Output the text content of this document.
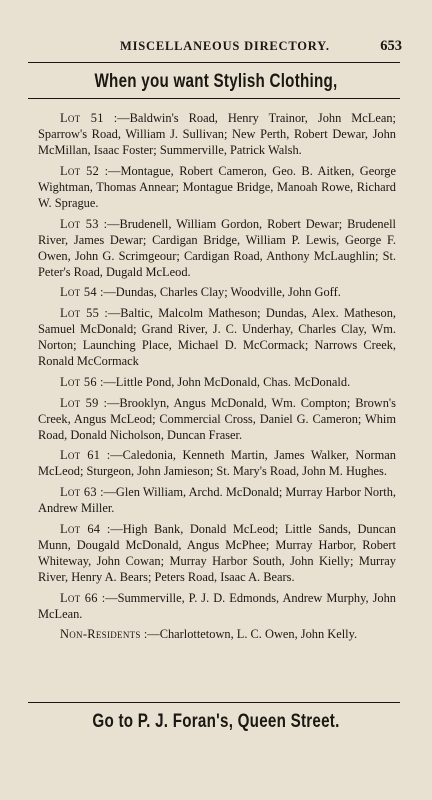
MISCELLANEOUS DIRECTORY.	653
When you want Stylish Clothing,

Lot 51 :—Baldwin's Road, Henry Trainor, John McLean; Sparrow's Road, William J. Sullivan; New Perth, Robert Dewar, John McMillan, Isaac Foster; Summerville, Patrick Walsh.

Lot 52 :—Montague, Robert Cameron, Geo. B. Aitken, George Wightman, Thomas Annear; Montague Bridge, Manoah Rowe, Richard W. Sprague.

Lot 53 :—Brudenell, William Gordon, Robert Dewar; Brudenell River, James Dewar; Cardigan Bridge, William P. Lewis, George F. Owen, John G. Scrimgeour; Cardigan Road, Anthony McLaughlin; St. Peter's Road, Dugald McLeod.

Lot 54 :—Dundas, Charles Clay; Woodville, John Goff.

Lot 55 :—Baltic, Malcolm Matheson; Dundas, Alex. Matheson, Samuel McDonald; Grand River, J. C. Underhay, Charles Clay, Wm. Norton; Launching Place, Michael D. McCormack; Narrows Creek, Ronald McCormack

Lot 56 :—Little Pond, John McDonald, Chas. McDonald.

Lot 59 :—Brooklyn, Angus McDonald, Wm. Compton; Brown's Creek, Angus McLeod; Commercial Cross, Daniel G. Cameron; Whim Road, Donald Nicholson, Duncan Fraser.

Lot 61 :—Caledonia, Kenneth Martin, James Walker, Norman McLeod; Sturgeon, John Jamieson; St. Mary's Road, John M. Hughes.

Lot 63 :—Glen William, Archd. McDonald; Murray Harbor North, Andrew Miller.

Lot 64 :—High Bank, Donald McLeod; Little Sands, Duncan Munn, Dougald McDonald, Angus McPhee; Murray Harbor, Robert Whiteway, John Cowan; Murray Harbor South, John Kielly; Murray River, Henry A. Bears; Peters Road, Isaac A. Bears.

Lot 66 :—Summerville, P. J. D. Edmonds, Andrew Murphy, John McLean.

Non-Residents :—Charlottetown, L. C. Owen, John Kelly.

Go to P. J. Foran's, Queen Street.
